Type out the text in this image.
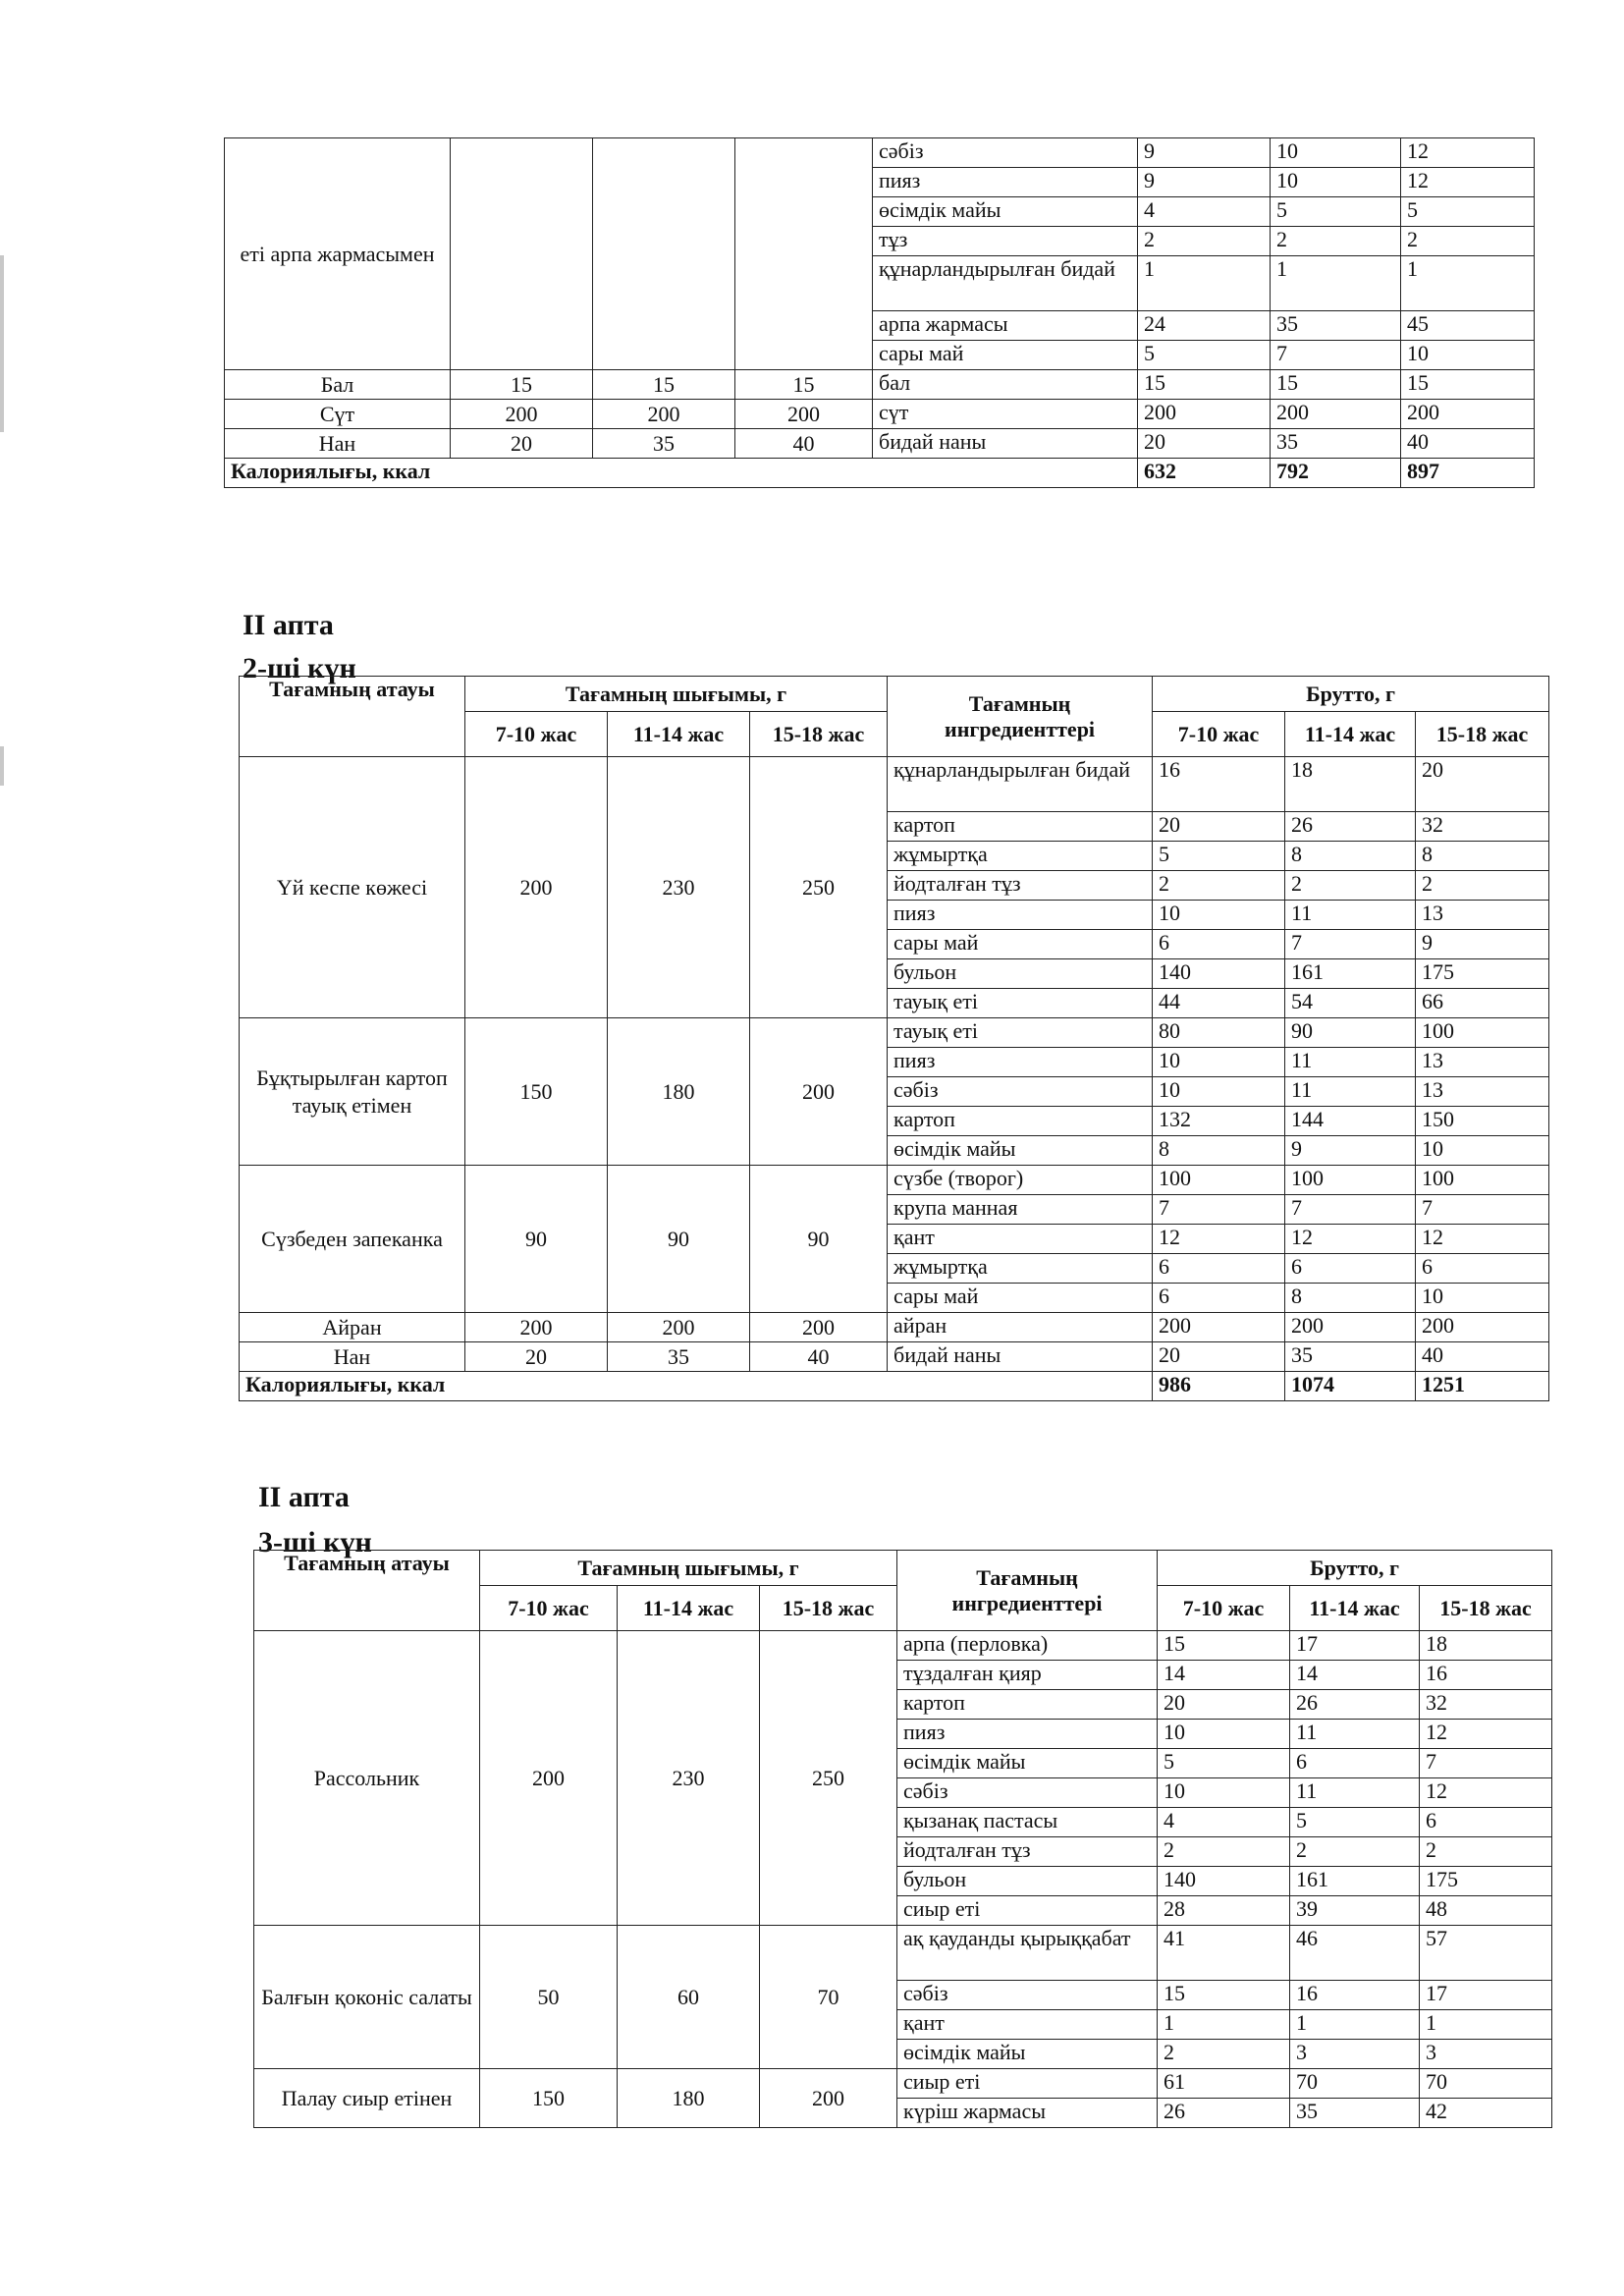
еті арпа жармасымен				сәбіз	9	10	12
				пияз	9	10	12
				өсімдік майы	4	5	5
				тұз	2	2	2
				құнарландырылған бидай	1	1	1
				арпа жармасы	24	35	45
				сары май	5	7	10
Бал	15	15	15	бал	15	15	15
Сүт	200	200	200	сүт	200	200	200
Нан	20	35	40	бидай наны	20	35	40
Калориялығы, ккал					632	792	897
II апта
2-ші күн
Тағамның атауы	Тағамның шығымы, г			Тағамның ингредиенттері	Брутто, г		
	7-10 жас	11-14 жас	15-18 жас		7-10 жас	11-14 жас	15-18 жас
Үй кеспе көжесі	200	230	250	құнарландырылған бидай	16	18	20
				картоп	20	26	32
				жұмыртқа	5	8	8
				йодталған тұз	2	2	2
				пияз	10	11	13
				сары май	6	7	9
				бульон	140	161	175
				тауық еті	44	54	66
Бұқтырылған картоп тауық етімен	150	180	200	тауық еті	80	90	100
				пияз	10	11	13
				сәбіз	10	11	13
				картоп	132	144	150
				өсімдік майы	8	9	10
Сүзбеден запеканка	90	90	90	сүзбе (творог)	100	100	100
				крупа манная	7	7	7
				қант	12	12	12
				жұмыртқа	6	6	6
				сары май	6	8	10
Айран	200	200	200	айран	200	200	200
Нан	20	35	40	бидай наны	20	35	40
Калориялығы, ккал					986	1074	1251
II апта
3-ші күн
Тағамның атауы	Тағамның шығымы, г			Тағамның ингредиенттері	Брутто, г		
	7-10 жас	11-14 жас	15-18 жас		7-10 жас	11-14 жас	15-18 жас
Рассольник	200	230	250	арпа (перловка)	15	17	18
				тұздалған қияр	14	14	16
				картоп	20	26	32
				пияз	10	11	12
				өсімдік майы	5	6	7
				сәбіз	10	11	12
				қызанақ пастасы	4	5	6
				йодталған тұз	2	2	2
				бульон	140	161	175
				сиыр еті	28	39	48
Балғын қоконіс салаты	50	60	70	ақ қауданды қырыққабат	41	46	57
				сәбіз	15	16	17
				қант	1	1	1
				өсімдік майы	2	3	3
Палау сиыр етінен	150	180	200	сиыр еті	61	70	70
				күріш жармасы	26	35	42
